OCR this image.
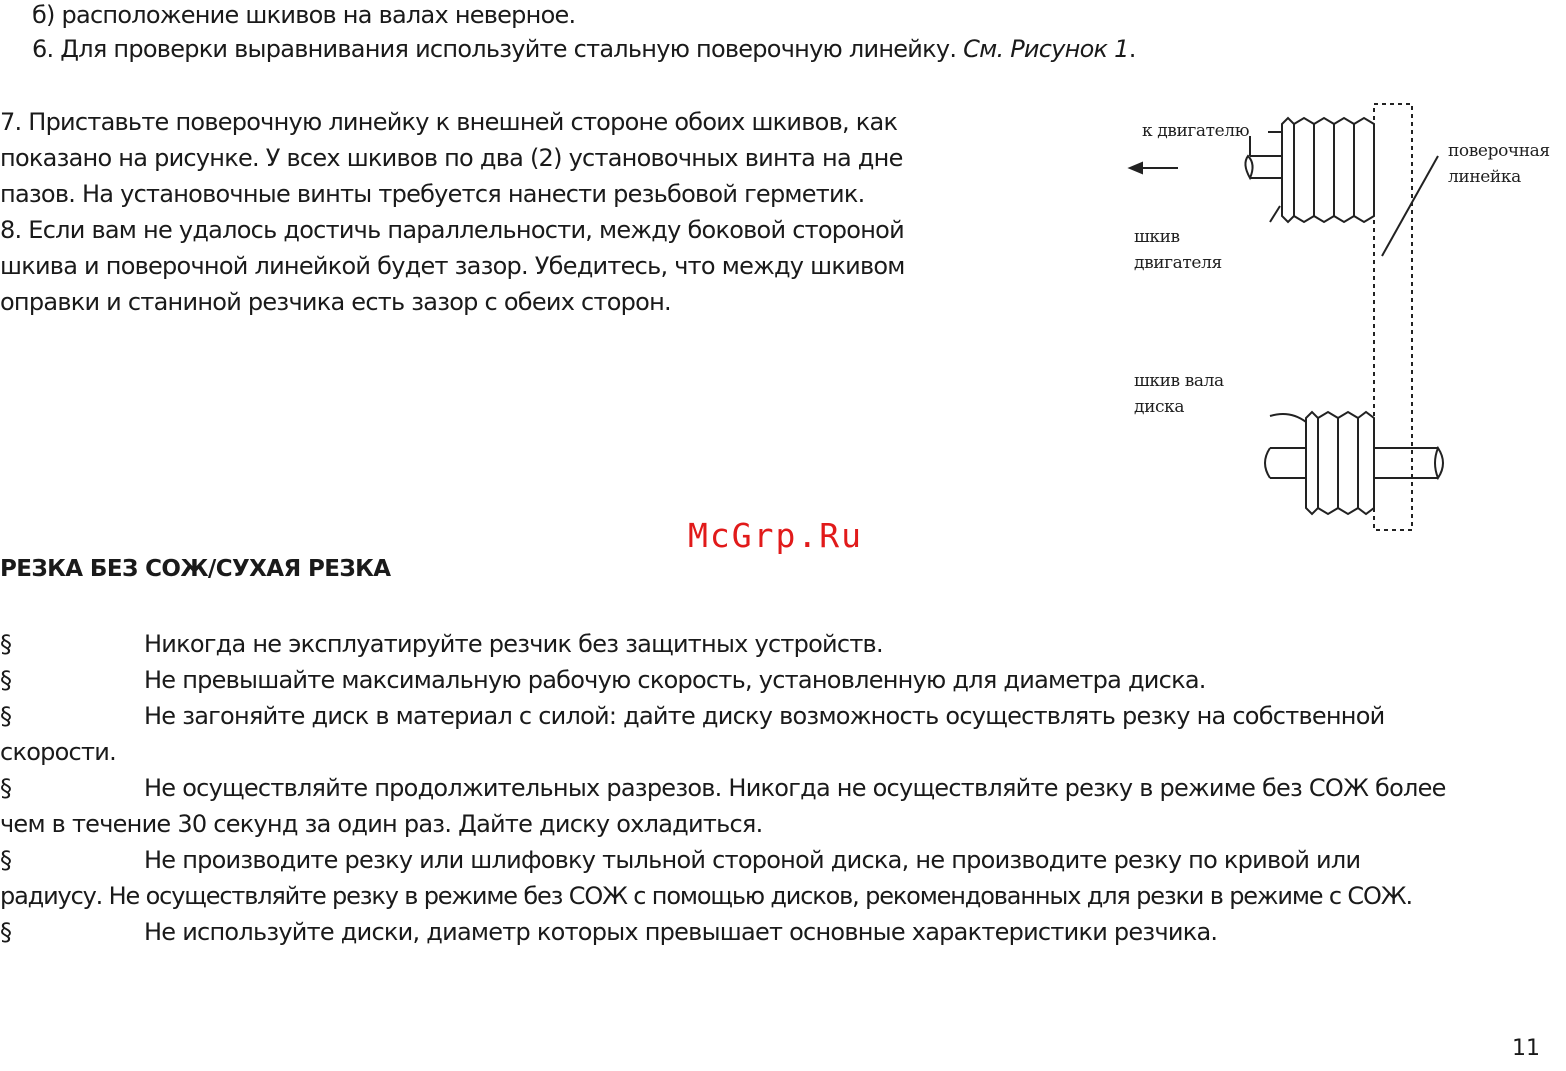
б) расположение шкивов на валах неверное.

6. Для проверки выравнивания используйте стальную поверочную линейку. См. Рисунок 1.

7. Приставьте поверочную линейку к внешней стороне обоих шкивов, как
показано на рисунке. У всех шкивов по два (2) установочных винта на дне
пазов. На установочные винты требуется нанести резьбовой герметик.
8. Если вам не удалось достичь параллельности, между боковой стороной
шкива и поверочной линейкой будет зазор. Убедитесь, что между шкивом
оправки и станиной резчика есть зазор с обеих сторон.
к двигателю
поверочная
линейка
шкив
двигателя
шкив вала
диска
McGrp.Ru
РЕЗКА БЕЗ СОЖ/СУХАЯ РЕЗКА
§	Никогда не эксплуатируйте резчик без защитных устройств.
§	Не превышайте максимальную рабочую скорость, установленную для диаметра диска.
§	Не загоняйте диск в материал с силой: дайте диску возможность осуществлять резку на собственной
скорости.
§	Не осуществляйте продолжительных разрезов. Никогда не осуществляйте резку в режиме без СОЖ более
чем в течение 30 секунд за один раз. Дайте диску охладиться.
§	Не производите резку или шлифовку тыльной стороной диска, не производите резку по кривой или
радиусу. Не осуществляйте резку в режиме без СОЖ с помощью дисков, рекомендованных для резки в режиме с СОЖ.
§	Не используйте диски, диаметр которых превышает основные характеристики резчика.
11
